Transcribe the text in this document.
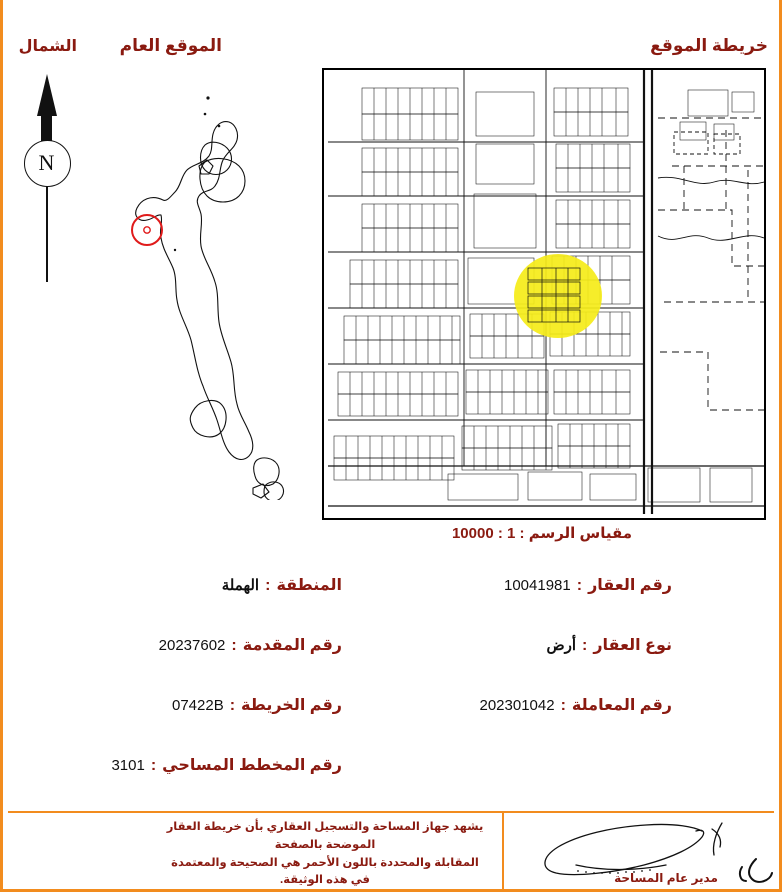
خريطة الموقع
الموقع العام
الشمال
N
مقياس الرسم : 1 : 10000
المنطقة
:
الهملة
رقم المقدمة
:
20237602
رقم الخريطة
:
07422B
رقم المخطط المساحي
:
3101
رقم العقار
:
10041981
نوع العقار
:
أرض
رقم المعاملة
:
202301042
يشهد جهاز المساحة والتسجيل العقاري بأن خريطة العقار الموضحة بالصفحة
المقابلة والمحددة باللون الأحمر هي الصحيحة والمعتمدة في هذه الوثيقة.	مدير عام المساحة
